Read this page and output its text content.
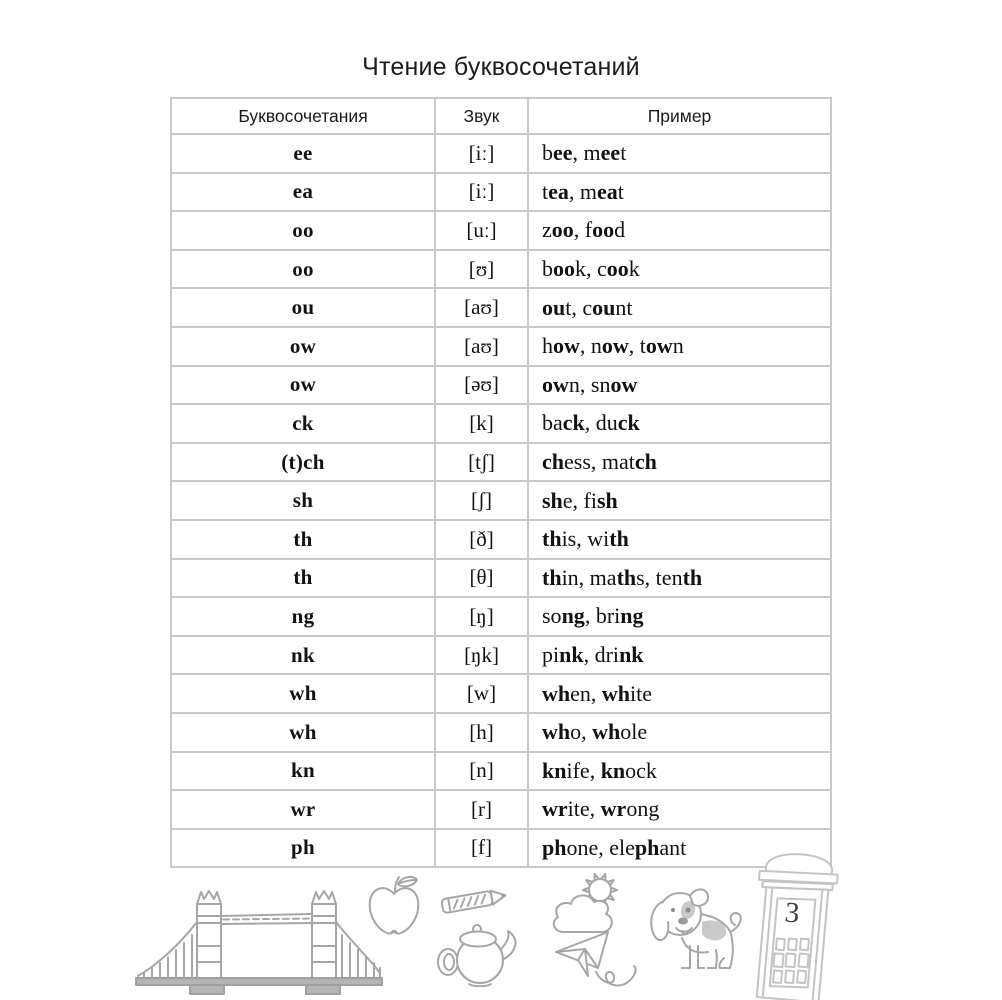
Чтение буквосочетаний
Буквосочетания	Звук	Пример
ee	[iː]	bee, meet
ea	[iː]	tea, meat
oo	[uː]	zoo, food
oo	[ʊ]	book, cook
ou	[aʊ]	out, count
ow	[aʊ]	how, now, town
ow	[əʊ]	own, snow
ck	[k]	back, duck
(t)ch	[tʃ]	chess, match
sh	[ʃ]	she, fish
th	[ð]	this, with
th	[θ]	thin, maths, tenth
ng	[ŋ]	song, bring
nk	[ŋk]	pink, drink
wh	[w]	when, white
wh	[h]	who, whole
kn	[n]	knife, knock
wr	[r]	write, wrong
ph	[f]	phone, elephant
3
